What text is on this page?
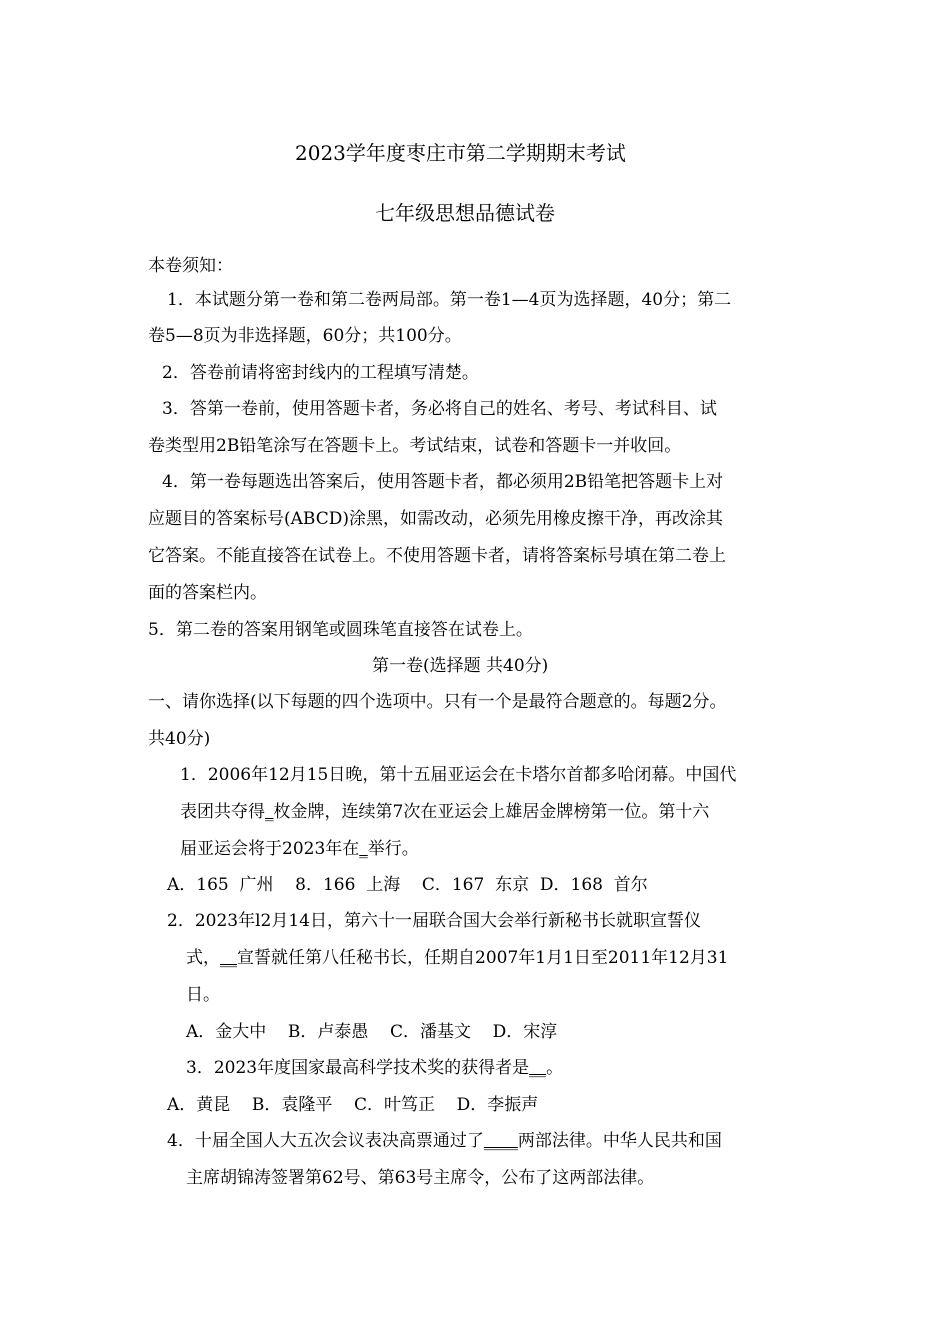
2023学年度枣庄市第二学期期末考试
七年级思想品德试卷
本卷须知：
1．本试题分第一卷和第二卷两局部。第一卷1—4页为选择题，40分；第二
卷5—8页为非选择题，60分；共100分。
2．答卷前请将密封线内的工程填写清楚。
3．答第一卷前，使用答题卡者，务必将自己的姓名、考号、考试科目、试
卷类型用2B铅笔涂写在答题卡上。考试结束，试卷和答题卡一并收回。
4．第一卷每题选出答案后，使用答题卡者，都必须用2B铅笔把答题卡上对
应题目的答案标号(ABCD)涂黑，如需改动，必须先用橡皮擦干净，再改涂其
它答案。不能直接答在试卷上。不使用答题卡者，请将答案标号填在第二卷上
面的答案栏内。
5．第二卷的答案用钢笔或圆珠笔直接答在试卷上。
第一卷(选择题 共40分)
一、请你选择(以下每题的四个选项中。只有一个是最符合题意的。每题2分。
共40分)
1．2006年12月15日晚，第十五届亚运会在卡塔尔首都多哈闭幕。中国代
表团共夺得_枚金牌，连续第7次在亚运会上雄居金牌榜第一位。第十六
届亚运会将于2023年在_举行。
A．165  广州    8．166  上海    C．167  东京  D．168  首尔
2．2023年l2月14日，第六十一届联合国大会举行新秘书长就职宣誓仪
式，__宣誓就任第八任秘书长，任期自2007年1月1日至2011年12月31
日。
A．金大中    B．卢泰愚    C．潘基文    D．宋淳
3．2023年度国家最高科学技术奖的获得者是__。
A．黄昆    B．袁隆平    C．叶笃正    D．李振声
4．十届全国人大五次会议表决高票通过了____两部法律。中华人民共和国
主席胡锦涛签署第62号、第63号主席令，公布了这两部法律。
